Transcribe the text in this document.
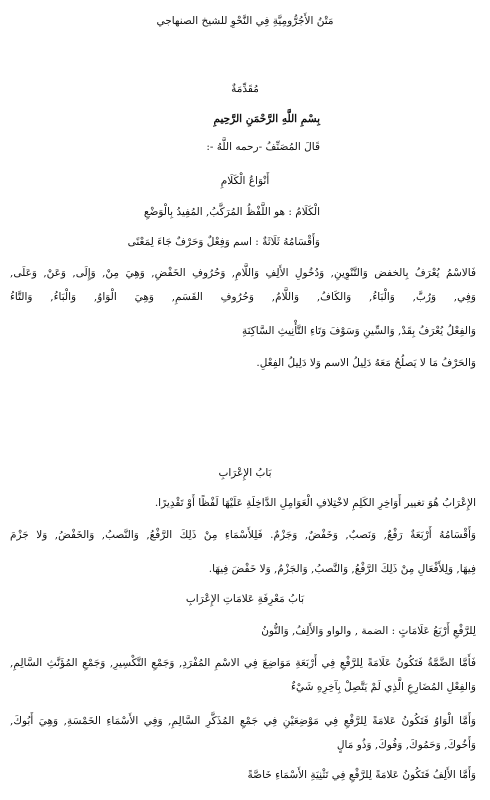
مَتْنُ الأَجُرُّومِيَّةِ فِي النَّحْوِ للشيخ الصنهاجي
مُقَدِّمَةٌ
بِسْمِ اللَّهِ الرَّحْمَنِ الرَّحِيمِ
قَالَ المُصَنِّفُ -رحمه اللَّهُ -:
أَنْوَاعُ الْكَلَامِ
الْكَلَامُ : هو اللَّفْظُ المُرَكَّبُ, المُفِيدُ بِالْوَضْعِ
وَأَقْسَامُهُ ثَلَاثَةٌ : اسم وَفِعْلٌ وَحَرْفٌ جَاءَ لِمَعْنًى
فَالاسْمُ يُعْرَفُ بِالخفض وَالتَّنْوِينِ, وَدُخُولِ الأَلِفِ وَاللَّامِ, وَحُرُوفِ الخَفْضِ, وَهِيَ مِنْ, وَإِلَى, وَعَنْ, وَعَلَى,
وَفِي, وَرُبَّ, وَالْبَاءُ, وَالكَافُ, وَاللَّامُ, وَحُرُوفِ القَسَمِ, وَهِيَ الْوَاوُ, وَالْبَاءُ, وَالتَّاءُ
وَالفِعْلُ يُعْرَفُ بِقَدْ, وَالسِّينِ وَسَوْفَ وَتَاءِ التَّأْنِيثِ السَّاكِنَةِ
وَالحَرْفُ مَا لا يَصلُحُ مَعَهُ دَلِيلُ الاسم وَلا دَلِيلُ الفِعْلِ.
بَابُ الإِعْرَابِ
الإِعْرَابُ هُوَ تغيير أَوَاخِرِ الكَلِمِ لاخْتِلافِ الْعَوَامِلِ الدَّاخِلَةِ عَلَيْهَا لَفْظًا أَوْ تَقْدِيرًا.
وَأَقْسَامُهُ أَرْبَعَةٌ رَفْعٌ, وَنَصبٌ, وَخَفْضٌ, وَجَزْمٌ. فَلِلأَسْمَاءِ مِنْ ذَلِكَ الرَّفْعُ, وَالنَّصبُ, وَالخَفْضُ, وَلا جَزْمَ
فِيهَا, وَلِلأَفْعَالِ مِنْ ذَلِكَ الرَّفْعُ, وَالنَّصبُ, وَالجَزْمُ, وَلا خَفْضَ فِيهَا.
بَابُ مَعْرِفَةِ عَلامَاتِ الإِعْرَابِ
لِلرَّفْعِ أَرْبَعُ عَلَامَاتٍ : الضمة , والواو وَالأَلِفُ, وَالنُّونُ
فَأَمَّا الضَّمَّةُ فَتَكُونُ عَلَامَةً لِلرَّفْعِ فِي أَرْبَعَةِ مَوَاضِعَ فِي الاسْمِ المُفْرَدِ, وَجَمْعِ التَّكْسِيرِ, وَجَمْعِ المُؤَنَّثِ السَّالِمِ,
وَالفِعْلِ المُضَارِعِ الَّذِي لَمْ يَتَّصِلْ بِآخِرِهِ شَيْءٌ
وَأَمَّا الْوَاوُ فَتَكُونُ عَلامَةً لِلرَّفْعِ فِي مَوْضِعَيْنِ فِي جَمْعِ المُذَكَّرِ السَّالِمِ, وَفِي الأَسْمَاءِ الخَمْسَةِ, وَهِيَ أَبُوكَ,
وَأَخُوكَ, وَحَمُوكَ, وَفُوكَ, وَذُو مَالٍ
وَأَمَّا الأَلِفُ فَتَكُونُ عَلامَةً لِلرَّفْعِ فِي تَثْنِيَةِ الأَسْمَاءِ خَاصَّةً
